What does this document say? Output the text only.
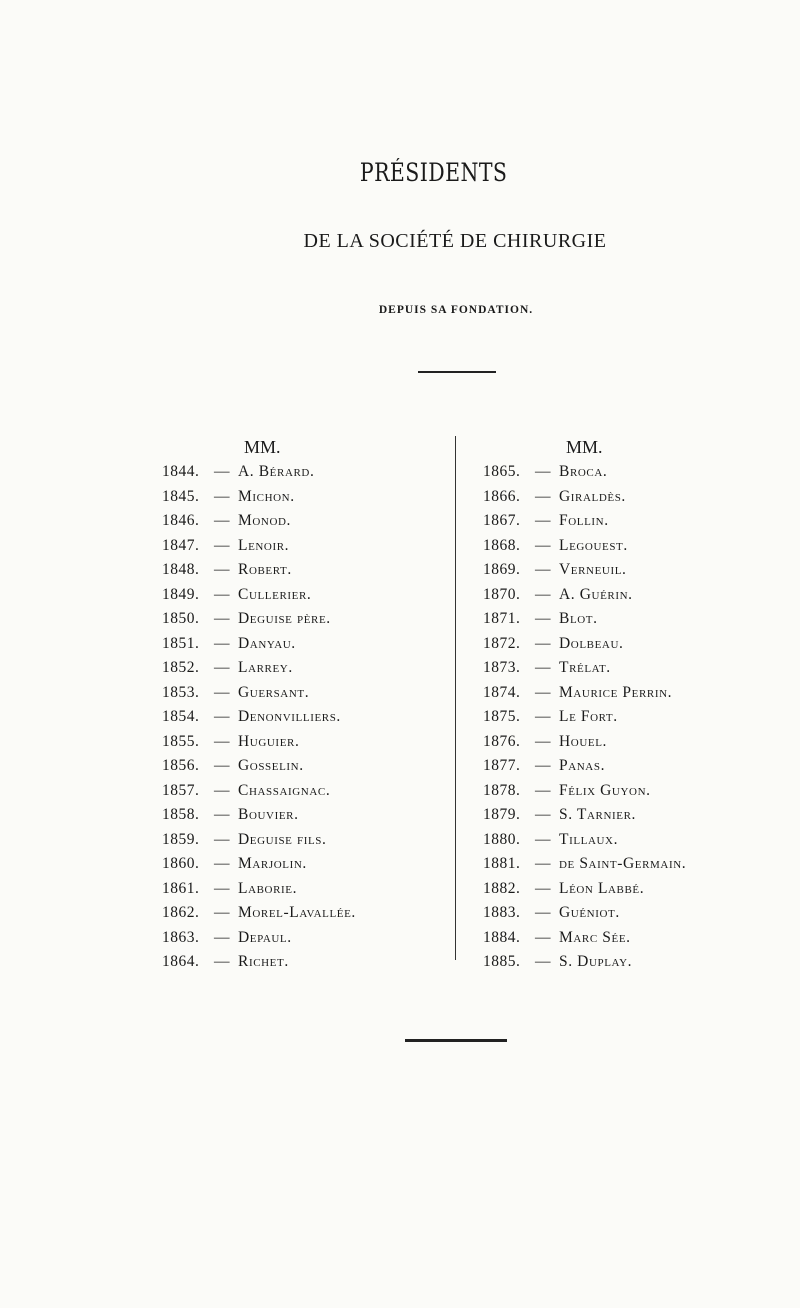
PRÉSIDENTS
DE LA SOCIÉTÉ DE CHIRURGIE
DEPUIS SA FONDATION.
MM.
1844. — A. Bérard.
1845. — Michon.
1846. — Monod.
1847. — Lenoir.
1848. — Robert.
1849. — Cullerier.
1850. — Deguise père.
1851. — Danyau.
1852. — Larrey.
1853. — Guersant.
1854. — Denonvilliers.
1855. — Huguier.
1856. — Gosselin.
1857. — Chassaignac.
1858. — Bouvier.
1859. — Deguise fils.
1860. — Marjolin.
1861. — Laborie.
1862. — Morel-Lavallée.
1863. — Depaul.
1864. — Richet.
MM.
1865. — Broca.
1866. — Giraldès.
1867. — Follin.
1868. — Legouest.
1869. — Verneuil.
1870. — A. Guérin.
1871. — Blot.
1872. — Dolbeau.
1873. — Trélat.
1874. — Maurice Perrin.
1875. — Le Fort.
1876. — Houel.
1877. — Panas.
1878. — Félix Guyon.
1879. — S. Tarnier.
1880. — Tillaux.
1881. — de Saint-Germain.
1882. — Léon Labbé.
1883. — Guéniot.
1884. — Marc Sée.
1885. — S. Duplay.
